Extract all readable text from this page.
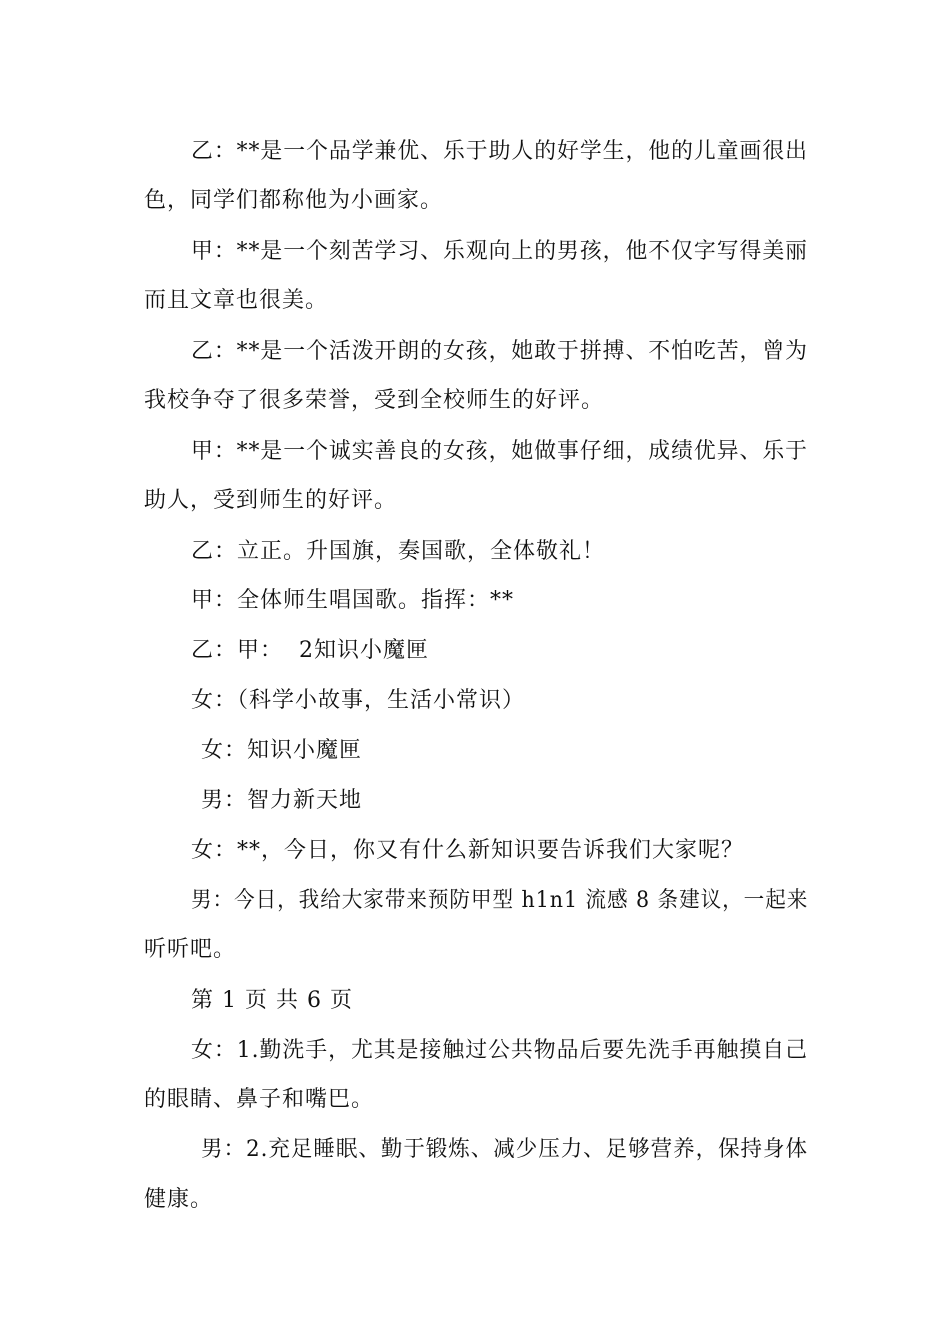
乙：**是一个品学兼优、乐于助人的好学生，他的儿童画很出
色，同学们都称他为小画家。
甲：**是一个刻苦学习、乐观向上的男孩，他不仅字写得美丽
而且文章也很美。
乙：**是一个活泼开朗的女孩，她敢于拼搏、不怕吃苦，曾为
我校争夺了很多荣誉，受到全校师生的好评。
甲：**是一个诚实善良的女孩，她做事仔细，成绩优异、乐于
助人，受到师生的好评。
乙：立正。升国旗，奏国歌，全体敬礼！
甲：全体师生唱国歌。指挥：**
乙：甲：  2知识小魔匣
女：（科学小故事，生活小常识）
女：知识小魔匣
男：智力新天地
女：**，今日，你又有什么新知识要告诉我们大家呢？
男：今日，我给大家带来预防甲型 h1n1 流感 8 条建议，一起来
听听吧。
第 1 页 共 6 页
女：1.勤洗手，尤其是接触过公共物品后要先洗手再触摸自己
的眼睛、鼻子和嘴巴。
男：2.充足睡眠、勤于锻炼、减少压力、足够营养，保持身体
健康。
